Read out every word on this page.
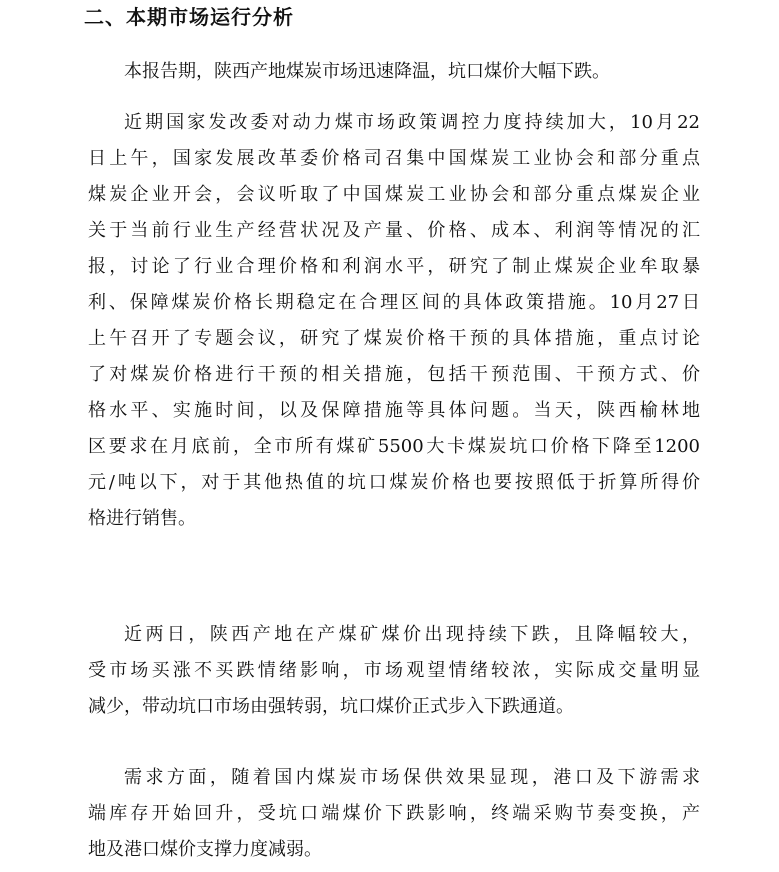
二、本期市场运行分析

本报告期，陕西产地煤炭市场迅速降温，坑口煤价大幅下跌。

近期国家发改委对动力煤市场政策调控力度持续加大，10月22
日上午，国家发展改革委价格司召集中国煤炭工业协会和部分重点
煤炭企业开会，会议听取了中国煤炭工业协会和部分重点煤炭企业
关于当前行业生产经营状况及产量、价格、成本、利润等情况的汇
报，讨论了行业合理价格和利润水平，研究了制止煤炭企业牟取暴
利、保障煤炭价格长期稳定在合理区间的具体政策措施。10月27日
上午召开了专题会议，研究了煤炭价格干预的具体措施，重点讨论
了对煤炭价格进行干预的相关措施，包括干预范围、干预方式、价
格水平、实施时间，以及保障措施等具体问题。当天，陕西榆林地
区要求在月底前，全市所有煤矿5500大卡煤炭坑口价格下降至1200
元/吨以下，对于其他热值的坑口煤炭价格也要按照低于折算所得价
格进行销售。

近两日，陕西产地在产煤矿煤价出现持续下跌，且降幅较大，
受市场买涨不买跌情绪影响，市场观望情绪较浓，实际成交量明显
减少，带动坑口市场由强转弱，坑口煤价正式步入下跌通道。

需求方面，随着国内煤炭市场保供效果显现，港口及下游需求
端库存开始回升，受坑口端煤价下跌影响，终端采购节奏变换，产
地及港口煤价支撑力度减弱。
